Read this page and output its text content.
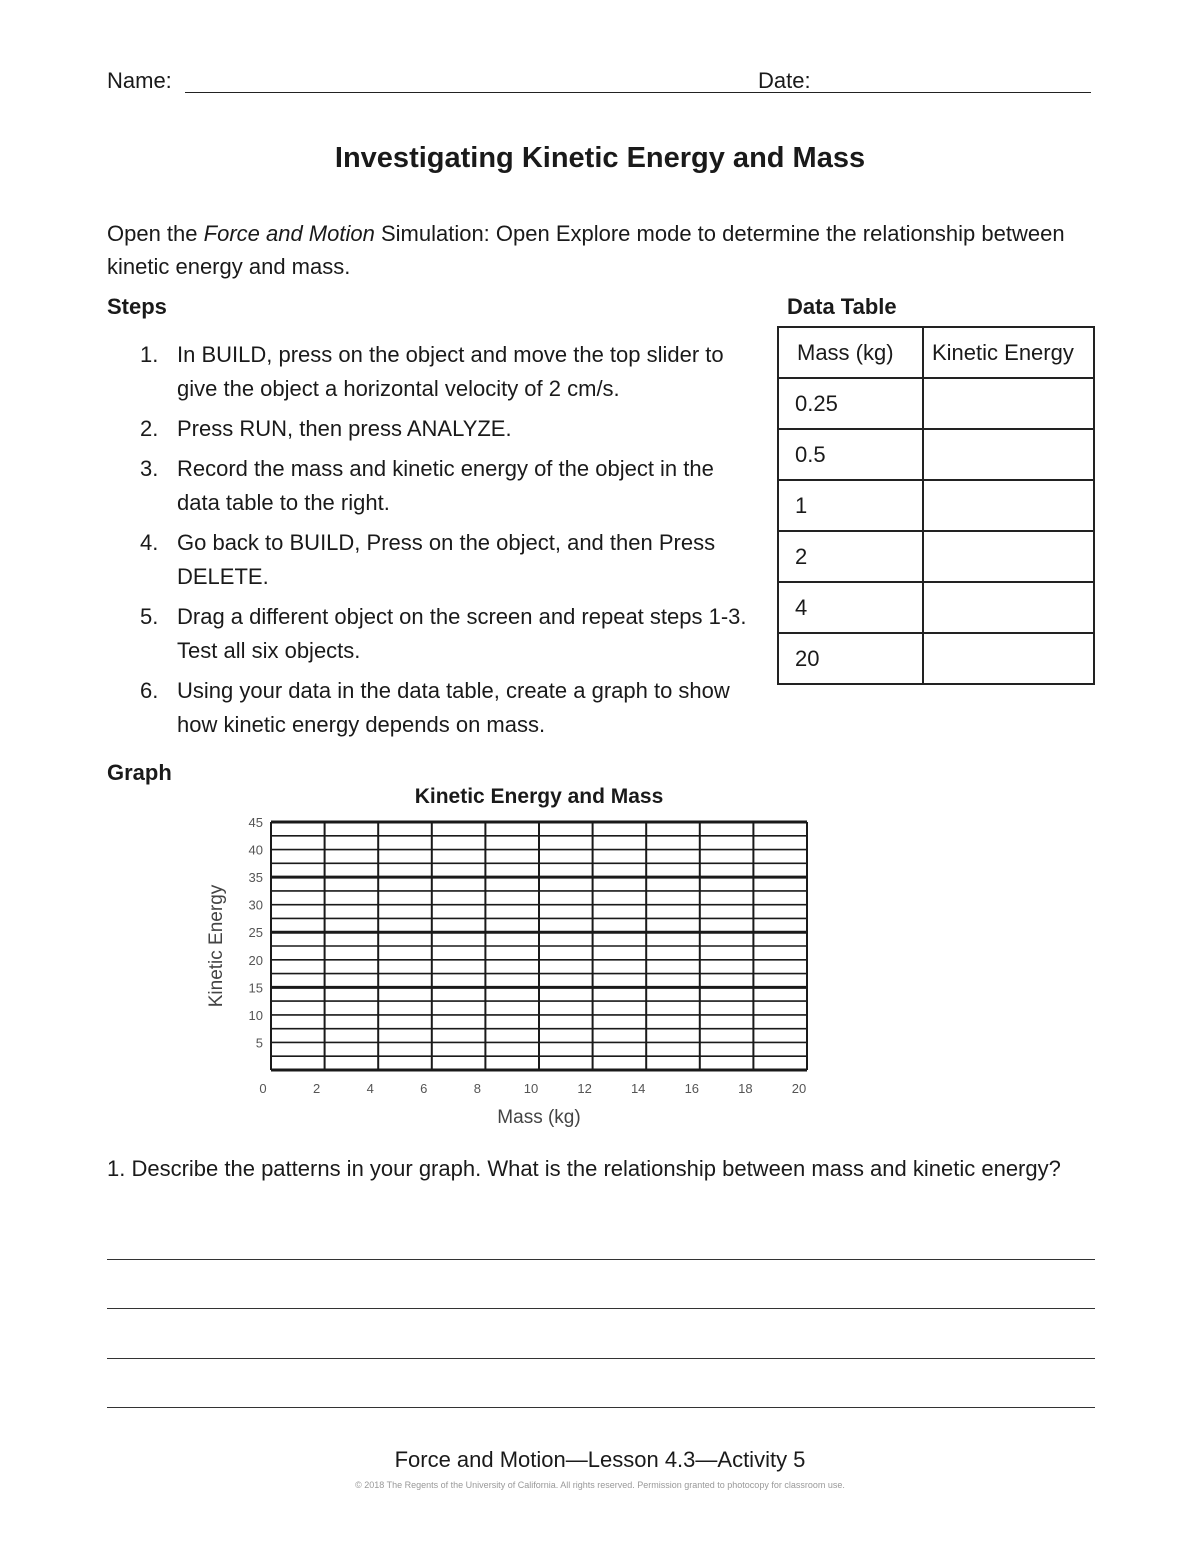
Name:	Date:
Investigating Kinetic Energy and Mass
Open the Force and Motion Simulation: Open Explore mode to determine the relationship between kinetic energy and mass.
Steps	Data Table
1. In BUILD, press on the object and move the top slider to give the object a horizontal velocity of 2 cm/s.
2. Press RUN, then press ANALYZE.
3. Record the mass and kinetic energy of the object in the data table to the right.
4. Go back to BUILD, Press on the object, and then Press DELETE.
5. Drag a different object on the screen and repeat steps 1-3. Test all six objects.
6. Using your data in the data table, create a graph to show how kinetic energy depends on mass.
Mass (kg)	Kinetic Energy
0.25	
0.5	
1	
2	
4	
20	
Graph
Kinetic Energy and Mass
5
10
15
20
25
30
35
40
45
0	2	4	6	8	10	12	14	16	18	20
Mass (kg)
Kinetic Energy
1. Describe the patterns in your graph. What is the relationship between mass and kinetic energy?
Force and Motion—Lesson 4.3—Activity 5
© 2018 The Regents of the University of California. All rights reserved. Permission granted to photocopy for classroom use.
